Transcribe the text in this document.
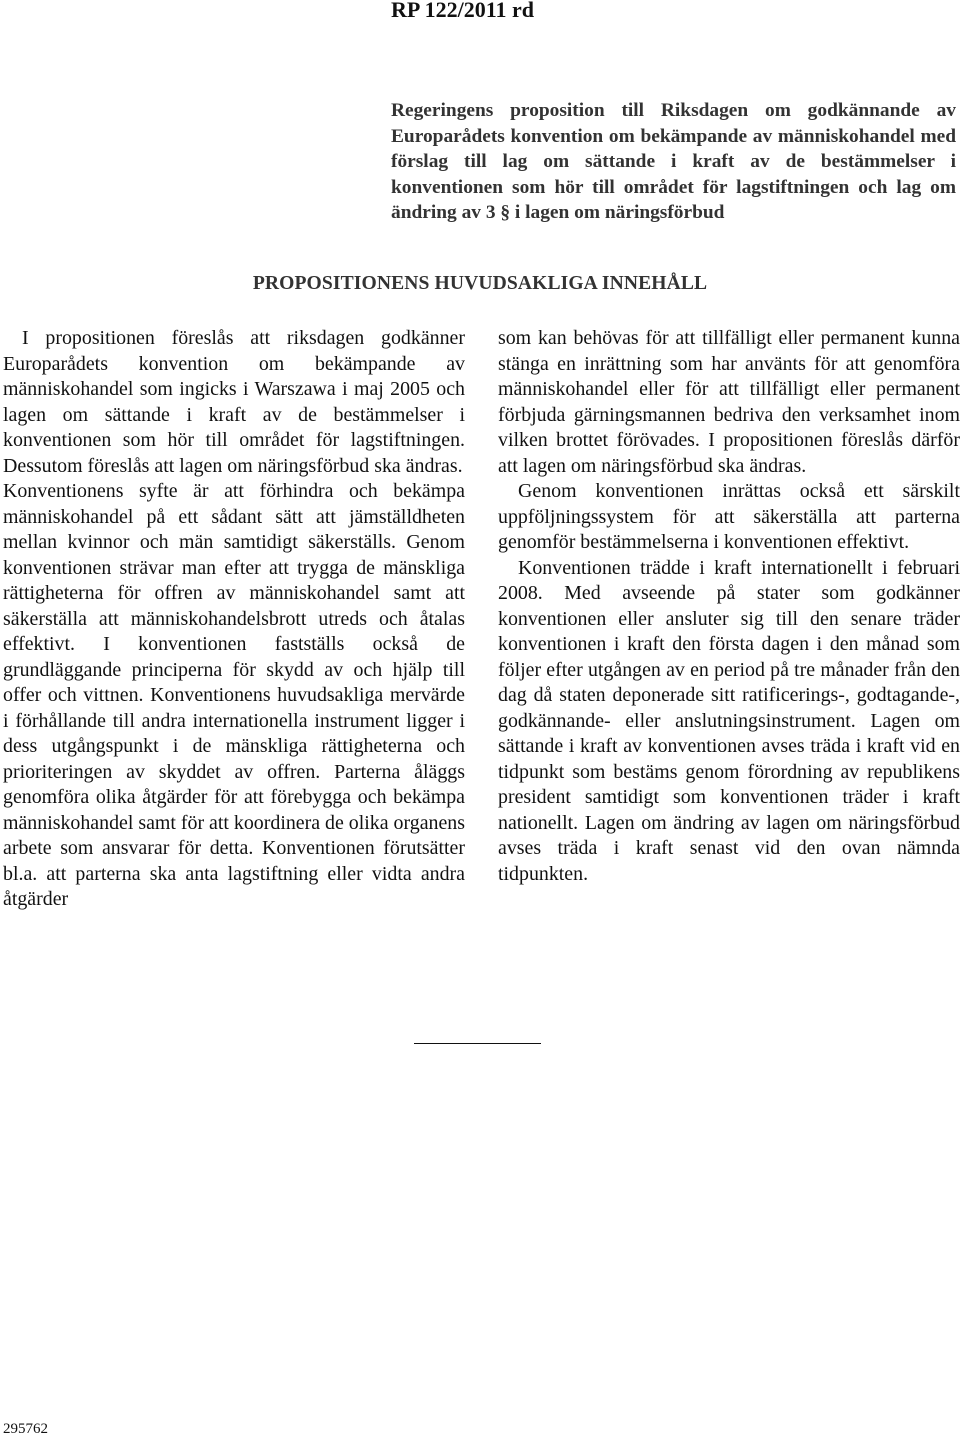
RP 122/2011 rd

Regeringens proposition till Riksdagen om godkännande av Europarådets konvention om bekämpande av människohandel med förslag till lag om sättande i kraft av de bestämmelser i konventionen som hör till området för lagstiftningen och lag om ändring av 3 § i lagen om näringsförbud

PROPOSITIONENS HUVUDSAKLIGA INNEHÅLL

I propositionen föreslås att riksdagen godkänner Europarådets konvention om bekämpande av människohandel som ingicks i Warszawa i maj 2005 och lagen om sättande i kraft av de bestämmelser i konventionen som hör till området för lagstiftningen. Dessutom föreslås att lagen om näringsförbud ska ändras.

Konventionens syfte är att förhindra och bekämpa människohandel på ett sådant sätt att jämställdheten mellan kvinnor och män samtidigt säkerställs. Genom konventionen strävar man efter att trygga de mänskliga rättigheterna för offren av människohandel samt att säkerställa att människohandelsbrott utreds och åtalas effektivt. I konventionen fastställs också de grundläggande principerna för skydd av och hjälp till offer och vittnen. Konventionens huvudsakliga mervärde i förhållande till andra internationella instrument ligger i dess utgångspunkt i de mänskliga rättigheterna och prioriteringen av skyddet av offren. Parterna åläggs genomföra olika åtgärder för att förebygga och bekämpa människohandel samt för att koordinera de olika organens arbete som ansvarar för detta. Konventionen förutsätter bl.a. att parterna ska anta lagstiftning eller vidta andra åtgärder

som kan behövas för att tillfälligt eller permanent kunna stänga en inrättning som har använts för att genomföra människohandel eller för att tillfälligt eller permanent förbjuda gärningsmannen bedriva den verksamhet inom vilken brottet förövades. I propositionen föreslås därför att lagen om näringsförbud ska ändras.

Genom konventionen inrättas också ett särskilt uppföljningssystem för att säkerställa att parterna genomför bestämmelserna i konventionen effektivt.

Konventionen trädde i kraft internationellt i februari 2008. Med avseende på stater som godkänner konventionen eller ansluter sig till den senare träder konventionen i kraft den första dagen i den månad som följer efter utgången av en period på tre månader från den dag då staten deponerade sitt ratificerings-, godtagande-, godkännande- eller anslutningsinstrument. Lagen om sättande i kraft av konventionen avses träda i kraft vid en tidpunkt som bestäms genom förordning av republikens president samtidigt som konventionen träder i kraft nationellt. Lagen om ändring av lagen om näringsförbud avses träda i kraft senast vid den ovan nämnda tidpunkten.

295762
